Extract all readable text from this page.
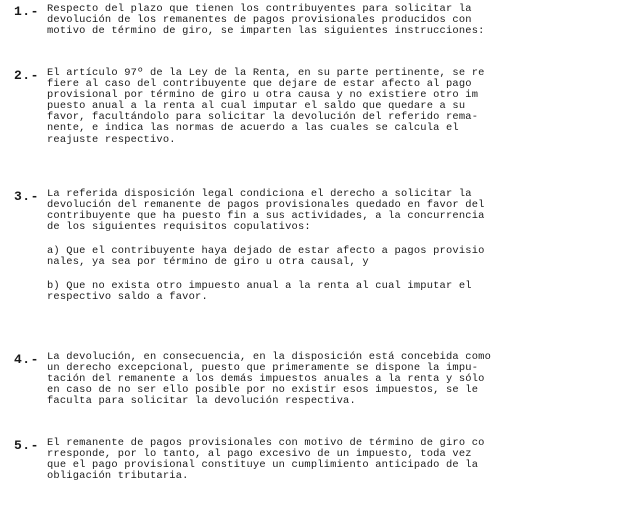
1.- Respecto del plazo que tienen los contribuyentes para solicitar la
devolución de los remanentes de pagos provisionales producidos con
motivo de término de giro, se imparten las siguientes instrucciones:
2.- El artículo 97º de la Ley de la Renta, en su parte pertinente, se re
fiere al caso del contribuyente que dejare de estar afecto al pago
provisional por término de giro u otra causa y no existiere otro im
puesto anual a la renta al cual imputar el saldo que quedare a su
favor, facultándolo para solicitar la devolución del referido rema-
nente, e indica las normas de acuerdo a las cuales se calcula el
reajuste respectivo.
3.- La referida disposición legal condiciona el derecho a solicitar la
devolución del remanente de pagos provisionales quedado en favor del
contribuyente que ha puesto fin a sus actividades, a la concurrencia
de los siguientes requisitos copulativos:
a) Que el contribuyente haya dejado de estar afecto a pagos provisio
nales, ya sea por término de giro u otra causal, y
b) Que no exista otro impuesto anual a la renta al cual imputar el
respectivo saldo a favor.
4.- La devolución, en consecuencia, en la disposición está concebida como
un derecho excepcional, puesto que primeramente se dispone la impu-
tación del remanente a los demás impuestos anuales a la renta y sólo
en caso de no ser ello posible por no existir esos impuestos, se le
faculta para solicitar la devolución respectiva.
5.- El remanente de pagos provisionales con motivo de término de giro co
rresponde, por lo tanto, al pago excesivo de un impuesto, toda vez
que el pago provisional constituye un cumplimiento anticipado de la
obligación tributaria.
